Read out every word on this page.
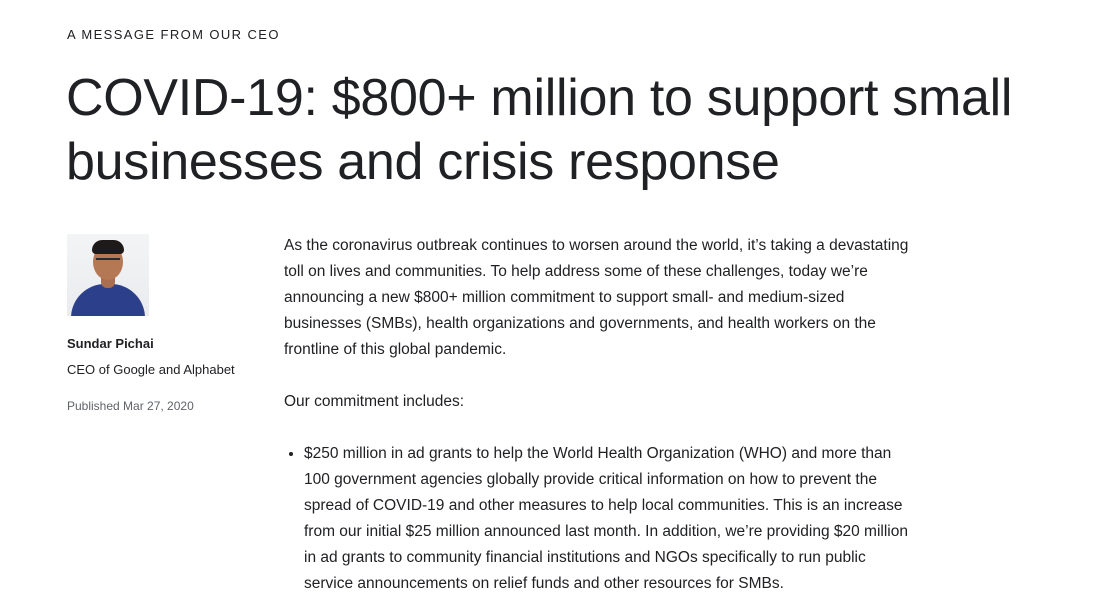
A MESSAGE FROM OUR CEO
COVID-19: $800+ million to support small businesses and crisis response
Sundar Pichai
CEO of Google and Alphabet
Published Mar 27, 2020

As the coronavirus outbreak continues to worsen around the world, it’s taking a devastating toll on lives and communities. To help address some of these challenges, today we’re announcing a new $800+ million commitment to support small- and medium-sized businesses (SMBs), health organizations and governments, and health workers on the frontline of this global pandemic.

Our commitment includes:

• $250 million in ad grants to help the World Health Organization (WHO) and more than 100 government agencies globally provide critical information on how to prevent the spread of COVID-19 and other measures to help local communities. This is an increase from our initial $25 million announced last month. In addition, we’re providing $20 million in ad grants to community financial institutions and NGOs specifically to run public service announcements on relief funds and other resources for SMBs.
